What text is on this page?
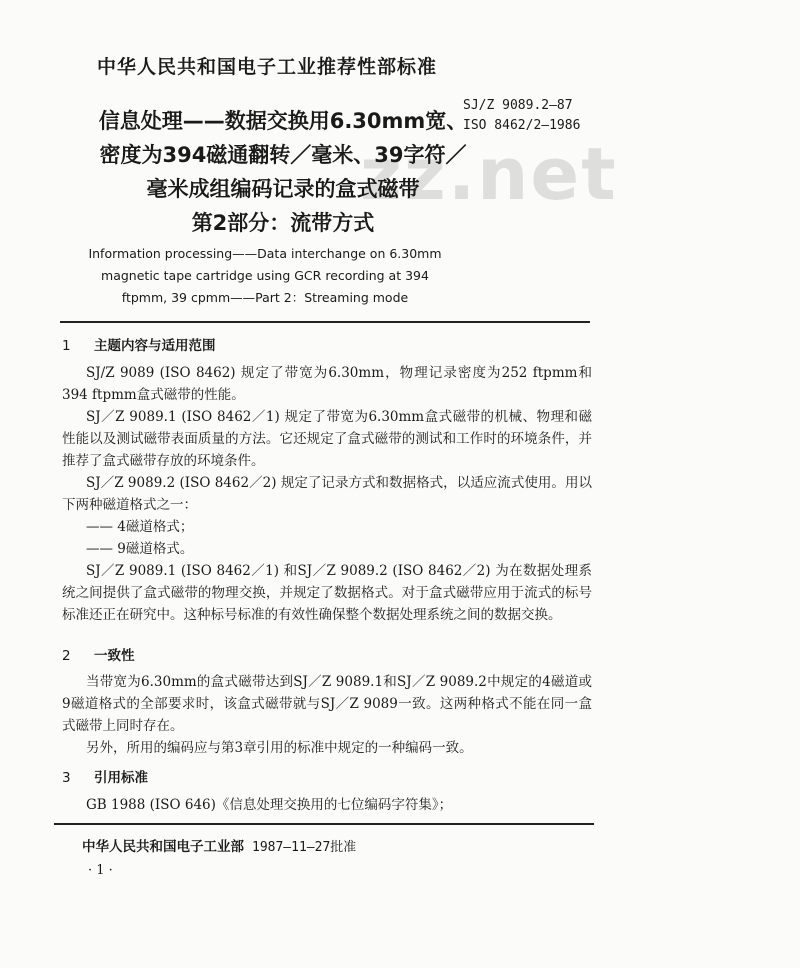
zz.net
中华人民共和国电子工业推荐性部标准
SJ/Z 9089.2—87
ISO 8462/2—1986
信息处理——数据交换用6.30mm宽、
密度为394磁通翻转／毫米、39字符／
毫米成组编码记录的盒式磁带
第2部分：流带方式
Information processing——Data interchange on 6.30mm
magnetic tape cartridge using GCR recording at 394
ftpmm, 39 cpmm——Part 2：Streaming mode
1 主题内容与适用范围

SJ/Z 9089 (ISO 8462) 规定了带宽为6.30mm，物理记录密度为252 ftpmm和394 ftpmm盒式磁带的性能。

SJ／Z 9089.1 (ISO 8462／1) 规定了带宽为6.30mm盒式磁带的机械、物理和磁性能以及测试磁带表面质量的方法。它还规定了盒式磁带的测试和工作时的环境条件，并推荐了盒式磁带存放的环境条件。

SJ／Z 9089.2 (ISO 8462／2) 规定了记录方式和数据格式，以适应流式使用。用以下两种磁道格式之一：

—— 4磁道格式；

—— 9磁道格式。

SJ／Z 9089.1 (ISO 8462／1) 和SJ／Z 9089.2 (ISO 8462／2) 为在数据处理系统之间提供了盒式磁带的物理交换，并规定了数据格式。对于盒式磁带应用于流式的标号标准还正在研究中。这种标号标准的有效性确保整个数据处理系统之间的数据交换。

2 一致性

当带宽为6.30mm的盒式磁带达到SJ／Z 9089.1和SJ／Z 9089.2中规定的4磁道或9磁道格式的全部要求时，该盒式磁带就与SJ／Z 9089一致。这两种格式不能在同一盒式磁带上同时存在。

另外，所用的编码应与第3章引用的标准中规定的一种编码一致。

3 引用标准

GB 1988 (ISO 646)《信息处理交换用的七位编码字符集》；

中华人民共和国电子工业部 1987—11—27批准
· 1 ·
